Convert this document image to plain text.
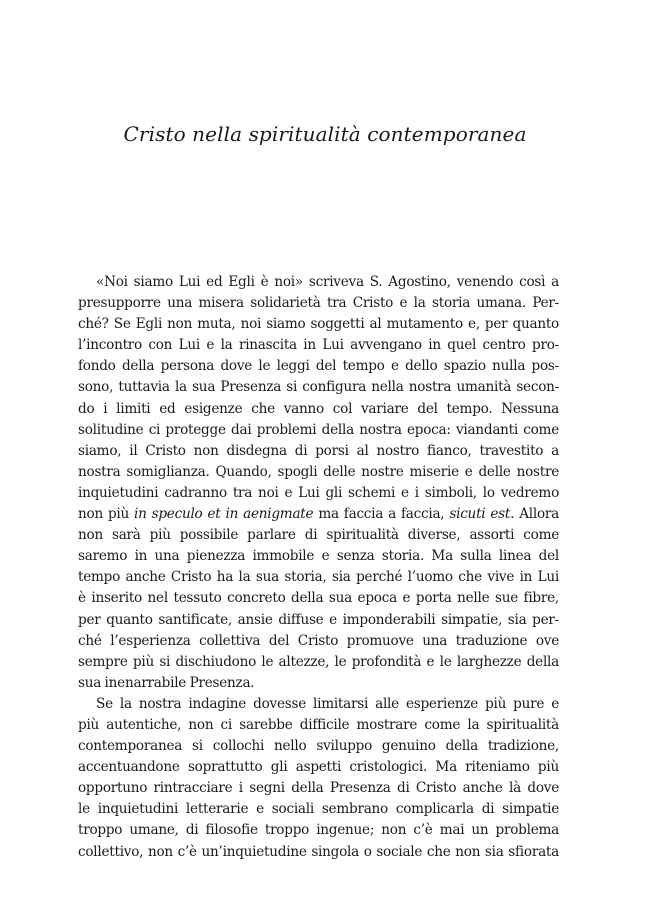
Cristo nella spiritualità contemporanea
«Noi siamo Lui ed Egli è noi» scriveva S. Agostino, venendo così a
presupporre una misera solidarietà tra Cristo e la storia umana. Per-
ché? Se Egli non muta, noi siamo soggetti al mutamento e, per quanto
l’incontro con Lui e la rinascita in Lui avvengano in quel centro pro-
fondo della persona dove le leggi del tempo e dello spazio nulla pos-
sono, tuttavia la sua Presenza si configura nella nostra umanità secon-
do i limiti ed esigenze che vanno col variare del tempo. Nessuna
solitudine ci protegge dai problemi della nostra epoca: viandanti come
siamo, il Cristo non disdegna di porsi al nostro fianco, travestito a
nostra somiglianza. Quando, spogli delle nostre miserie e delle nostre
inquietudini cadranno tra noi e Lui gli schemi e i simboli, lo vedremo
non più in speculo et in aenigmate ma faccia a faccia, sicuti est. Allora
non sarà più possibile parlare di spiritualità diverse, assorti come
saremo in una pienezza immobile e senza storia. Ma sulla linea del
tempo anche Cristo ha la sua storia, sia perché l’uomo che vive in Lui
è inserito nel tessuto concreto della sua epoca e porta nelle sue fibre,
per quanto santificate, ansie diffuse e imponderabili simpatie, sia per-
ché l’esperienza collettiva del Cristo promuove una traduzione ove
sempre più si dischiudono le altezze, le profondità e le larghezze della
sua inenarrabile Presenza.
Se la nostra indagine dovesse limitarsi alle esperienze più pure e
più autentiche, non ci sarebbe difficile mostrare come la spiritualità
contemporanea si collochi nello sviluppo genuino della tradizione,
accentuandone soprattutto gli aspetti cristologici. Ma riteniamo più
opportuno rintracciare i segni della Presenza di Cristo anche là dove
le inquietudini letterarie e sociali sembrano complicarla di simpatie
troppo umane, di filosofie troppo ingenue; non c’è mai un problema
collettivo, non c’è un’inquietudine singola o sociale che non sia sfiorata
